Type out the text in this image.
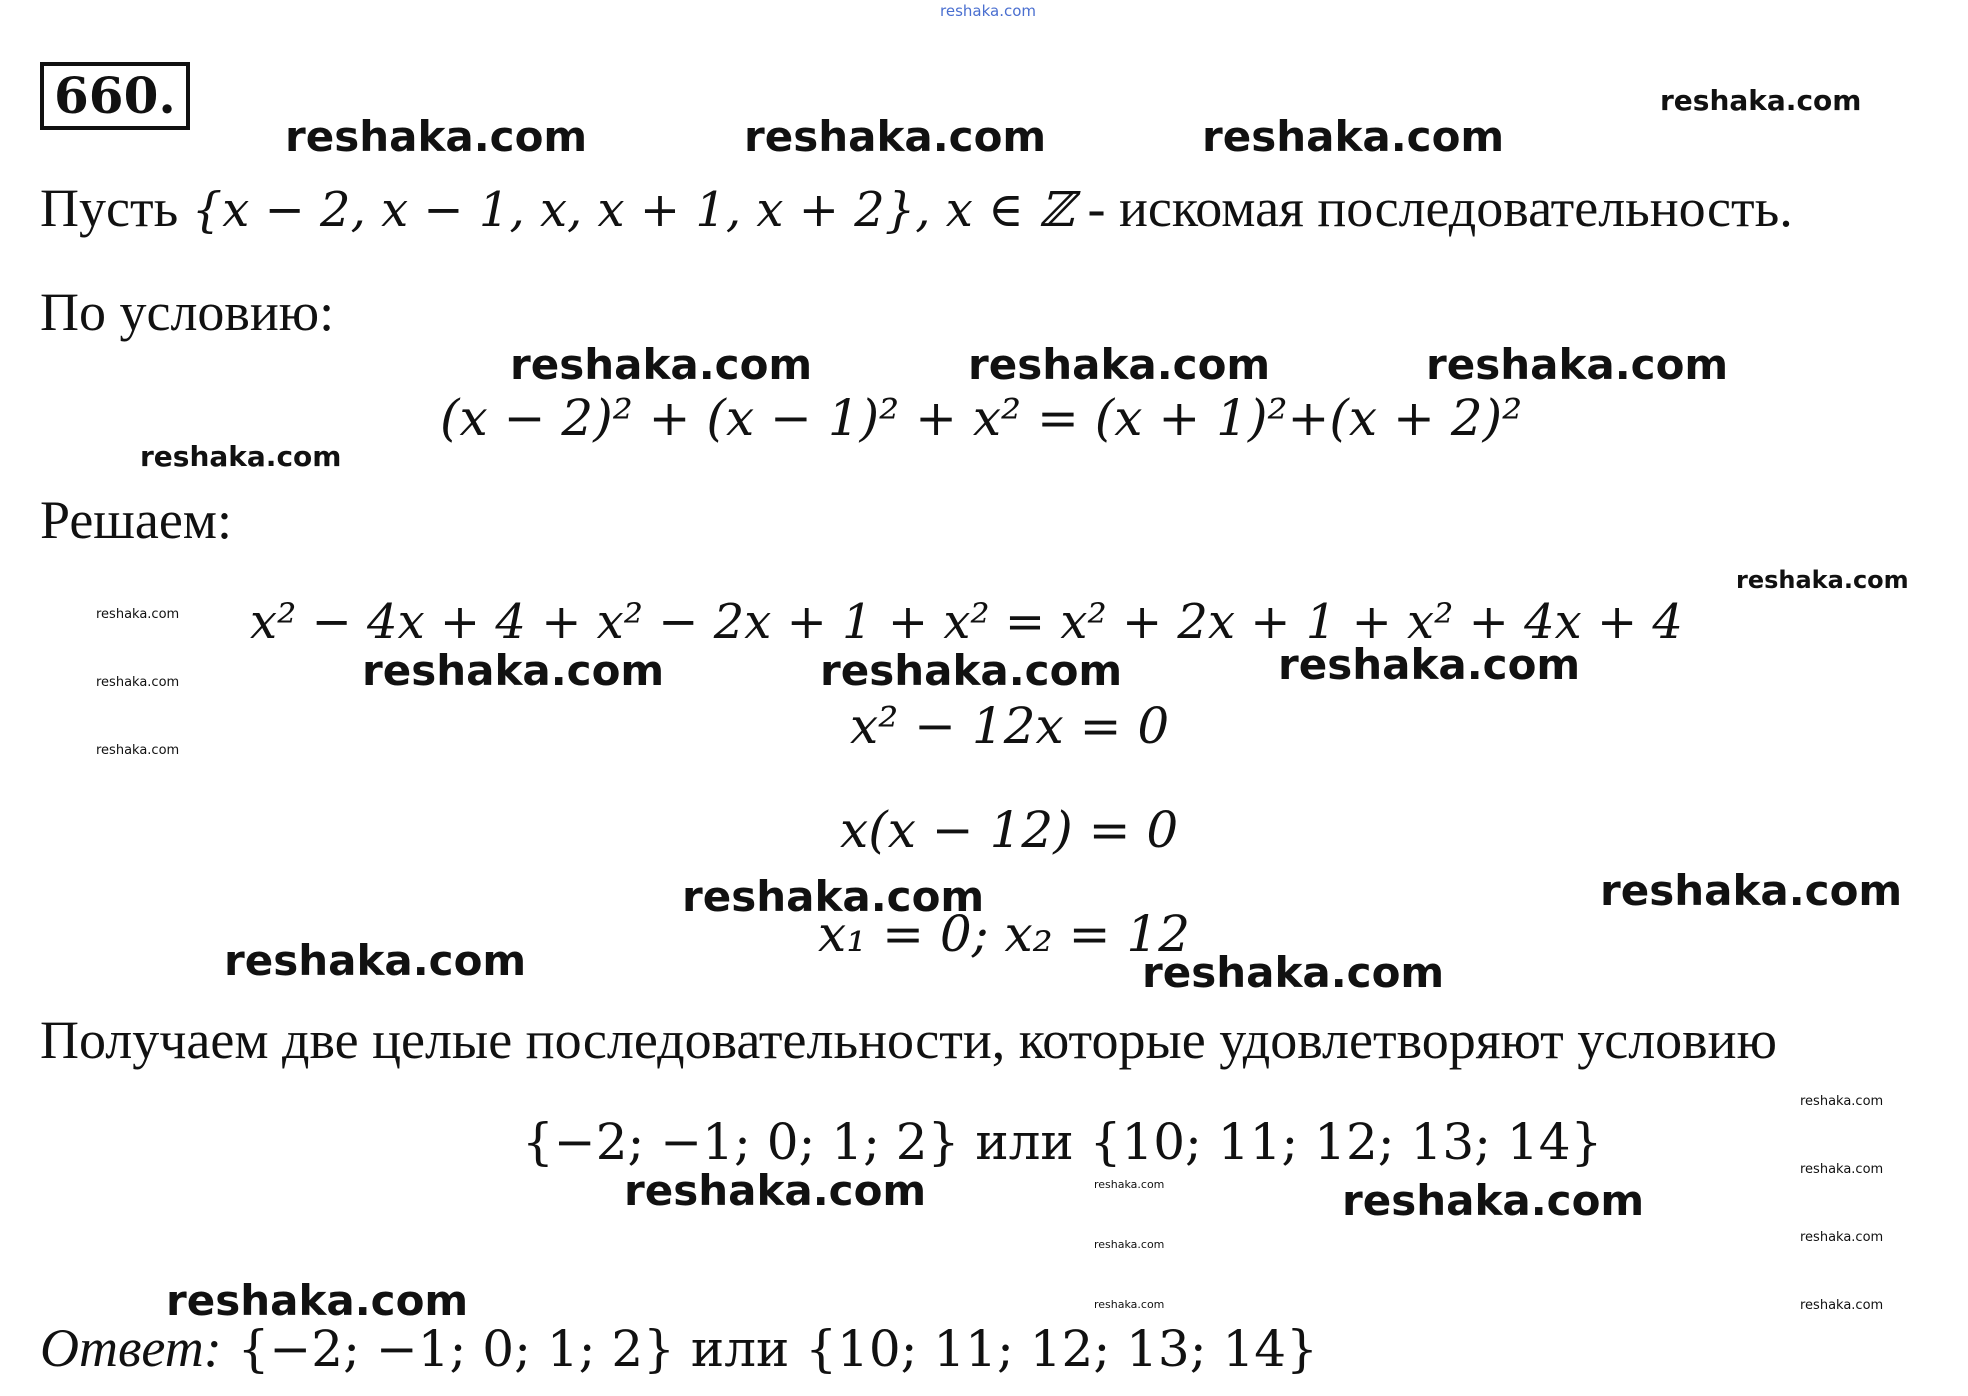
reshaka.com
660.	reshaka.com
reshaka.com	reshaka.com	reshaka.com
Пусть {x − 2, x − 1, x, x + 1, x + 2}, x ∈ ℤ - искомая последовательность.
По условию:
reshaka.com	reshaka.com	reshaka.com
(x − 2)² + (x − 1)² + x² = (x + 1)²+(x + 2)²
reshaka.com
Решаем:
reshaka.com
reshaka.com
reshaka.com
reshaka.com
x² − 4x + 4 + x² − 2x + 1 + x² = x² + 2x + 1 + x² + 4x + 4
reshaka.com	reshaka.com	reshaka.com
x² − 12x = 0
x(x − 12) = 0
reshaka.com	reshaka.com
x₁ = 0; x₂ = 12
reshaka.com	reshaka.com
Получаем две целые последовательности, которые удовлетворяют условию
reshaka.com
{−2; −1; 0; 1; 2} или {10; 11; 12; 13; 14}
reshaka.com	reshaka.com
reshaka.com
reshaka.com
reshaka.com	reshaka.com
reshaka.com	reshaka.com	reshaka.com
Ответ: {−2; −1; 0; 1; 2} или {10; 11; 12; 13; 14}
